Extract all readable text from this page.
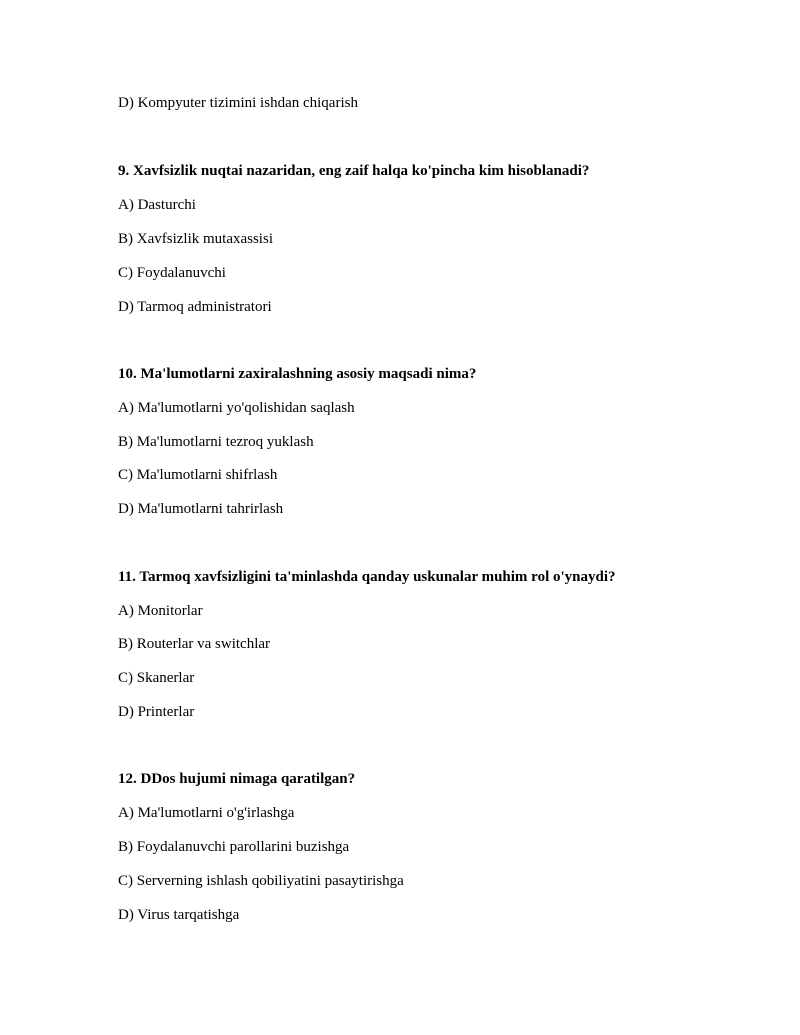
D) Kompyuter tizimini ishdan chiqarish
9. Xavfsizlik nuqtai nazaridan, eng zaif halqa ko'pincha kim hisoblanadi?
A) Dasturchi
B) Xavfsizlik mutaxassisi
C) Foydalanuvchi
D) Tarmoq administratori
10. Ma'lumotlarni zaxiralashning asosiy maqsadi nima?
A) Ma'lumotlarni yo'qolishidan saqlash
B) Ma'lumotlarni tezroq yuklash
C) Ma'lumotlarni shifrlash
D) Ma'lumotlarni tahrirlash
11. Tarmoq xavfsizligini ta'minlashda qanday uskunalar muhim rol o'ynaydi?
A) Monitorlar
B) Routerlar va switchlar
C) Skanerlar
D) Printerlar
12. DDos hujumi nimaga qaratilgan?
A) Ma'lumotlarni o'g'irlashga
B) Foydalanuvchi parollarini buzishga
C) Serverning ishlash qobiliyatini pasaytirishga
D) Virus tarqatishga
